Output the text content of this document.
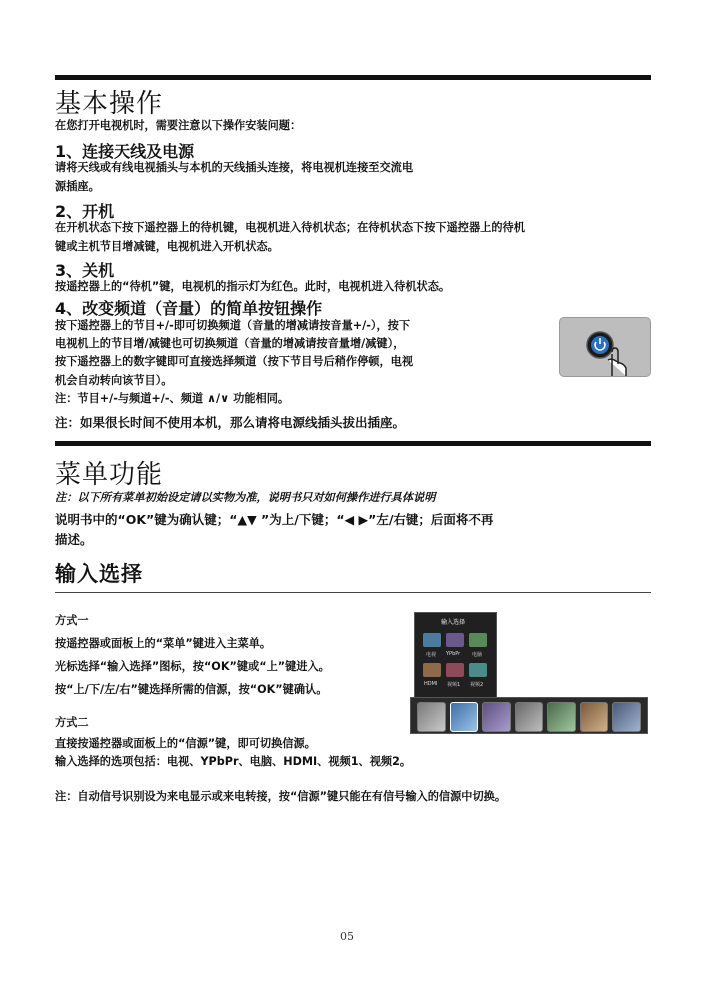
基本操作
在您打开电视机时，需要注意以下操作安装问题：
1、连接天线及电源
请将天线或有线电视插头与本机的天线插头连接，将电视机连接至交流电
源插座。
2、开机
在开机状态下按下遥控器上的待机键，电视机进入待机状态；在待机状态下按下遥控器上的待机
键或主机节目增减键，电视机进入开机状态。
3、关机
按遥控器上的“待机”键，电视机的指示灯为红色。此时，电视机进入待机状态。
4、改变频道（音量）的简单按钮操作
按下遥控器上的节目+/-即可切换频道（音量的增减请按音量+/-），按下
电视机上的节目增/减键也可切换频道（音量的增减请按音量增/减键），
按下遥控器上的数字键即可直接选择频道（按下节目号后稍作停顿，电视
机会自动转向该节目）。
注：节目+/-与频道+/-、频道 ∧/∨ 功能相同。
注：如果很长时间不使用本机，那么请将电源线插头拔出插座。
菜单功能
注：以下所有菜单初始设定请以实物为准，说明书只对如何操作进行具体说明
说明书中的“OK”键为确认键；“▲▼ ”为上/下键；“◀ ▶”左/右键；后面将不再
描述。
输入选择
方式一
按遥控器或面板上的“菜单”键进入主菜单。
光标选择“输入选择”图标，按“OK”键或“上”键进入。
按“上/下/左/右”键选择所需的信源，按“OK”键确认。
方式二
直接按遥控器或面板上的“信源”键，即可切换信源。
输入选择的选项包括：电视、YPbPr、电脑、HDMI、视频1、视频2。
输入选择
电视 YPbPr 电脑
HDMI 视频1 视频2
注：自动信号识别设为来电显示或来电转接，按“信源”键只能在有信号输入的信源中切换。
05
